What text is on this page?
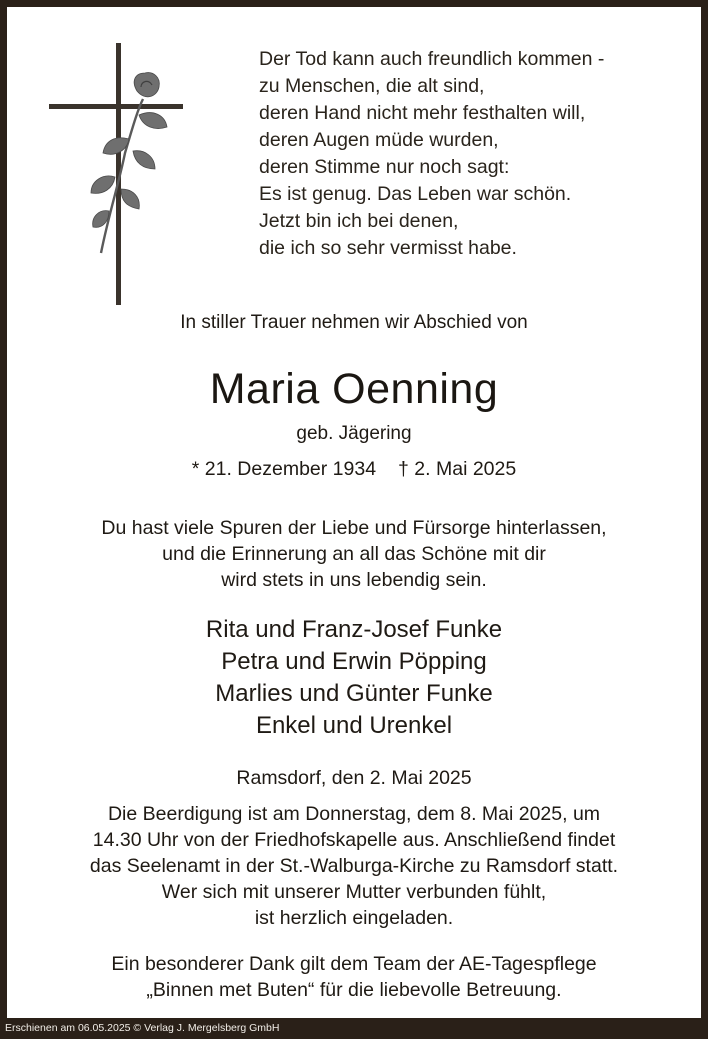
Der Tod kann auch freundlich kommen -
zu Menschen, die alt sind,
deren Hand nicht mehr festhalten will,
deren Augen müde wurden,
deren Stimme nur noch sagt:
Es ist genug. Das Leben war schön.
Jetzt bin ich bei denen,
die ich so sehr vermisst habe.
In stiller Trauer nehmen wir Abschied von
Maria Oenning
geb. Jägering
* 21. Dezember 1934 † 2. Mai 2025
Du hast viele Spuren der Liebe und Fürsorge hinterlassen,
und die Erinnerung an all das Schöne mit dir
wird stets in uns lebendig sein.
Rita und Franz-Josef Funke
Petra und Erwin Pöpping
Marlies und Günter Funke
Enkel und Urenkel
Ramsdorf, den 2. Mai 2025
Die Beerdigung ist am Donnerstag, dem 8. Mai 2025, um
14.30 Uhr von der Friedhofskapelle aus. Anschließend findet
das Seelenamt in der St.-Walburga-Kirche zu Ramsdorf statt.
Wer sich mit unserer Mutter verbunden fühlt,
ist herzlich eingeladen.
Ein besonderer Dank gilt dem Team der AE-Tagespflege
„Binnen met Buten“ für die liebevolle Betreuung.
Erschienen am 06.05.2025 © Verlag J. Mergelsberg GmbH
